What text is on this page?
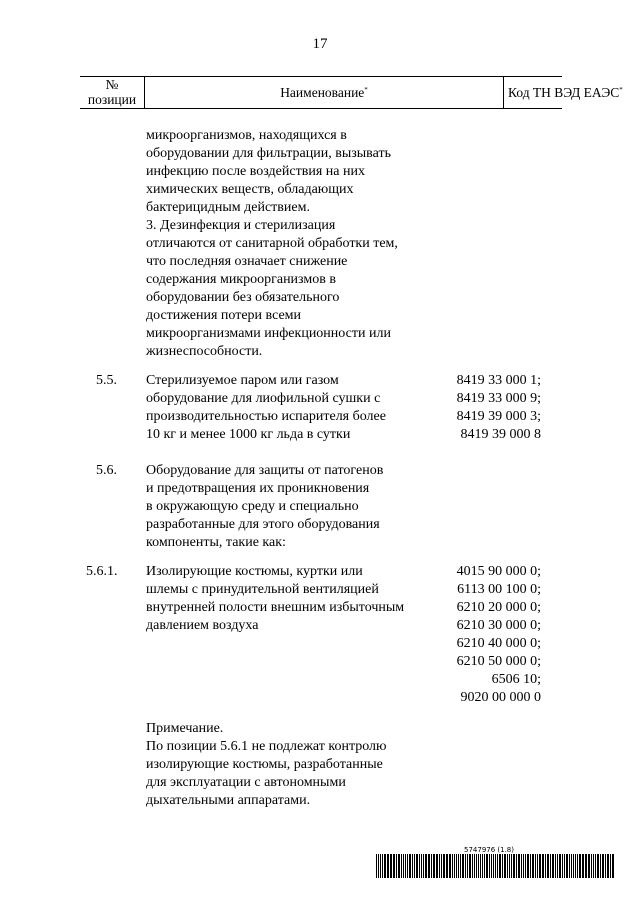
17
№
позиции	Наименование*	Код ТН ВЭД ЕАЭС*
микроорганизмов, находящихся в
оборудовании для фильтрации, вызывать
инфекцию после воздействия на них
химических веществ, обладающих
бактерицидным действием.
3. Дезинфекция и стерилизация
отличаются от санитарной обработки тем,
что последняя означает снижение
содержания микроорганизмов в
оборудовании без обязательного
достижения потери всеми
микроорганизмами инфекционности или
жизнеспособности.
5.5. Стерилизуемое паром или газом
оборудование для лиофильной сушки с
производительностью испарителя более
10 кг и менее 1000 кг льда в сутки
8419 33 000 1;
8419 33 000 9;
8419 39 000 3;
8419 39 000 8
5.6. Оборудование для защиты от патогенов
и предотвращения их проникновения
в окружающую среду и специально
разработанные для этого оборудования
компоненты, такие как:
5.6.1. Изолирующие костюмы, куртки или
шлемы с принудительной вентиляцией
внутренней полости внешним избыточным
давлением воздуха
4015 90 000 0;
6113 00 100 0;
6210 20 000 0;
6210 30 000 0;
6210 40 000 0;
6210 50 000 0;
6506 10;
9020 00 000 0
Примечание.
По позиции 5.6.1 не подлежат контролю
изолирующие костюмы, разработанные
для эксплуатации с автономными
дыхательными аппаратами.
5747976 (1.8)
